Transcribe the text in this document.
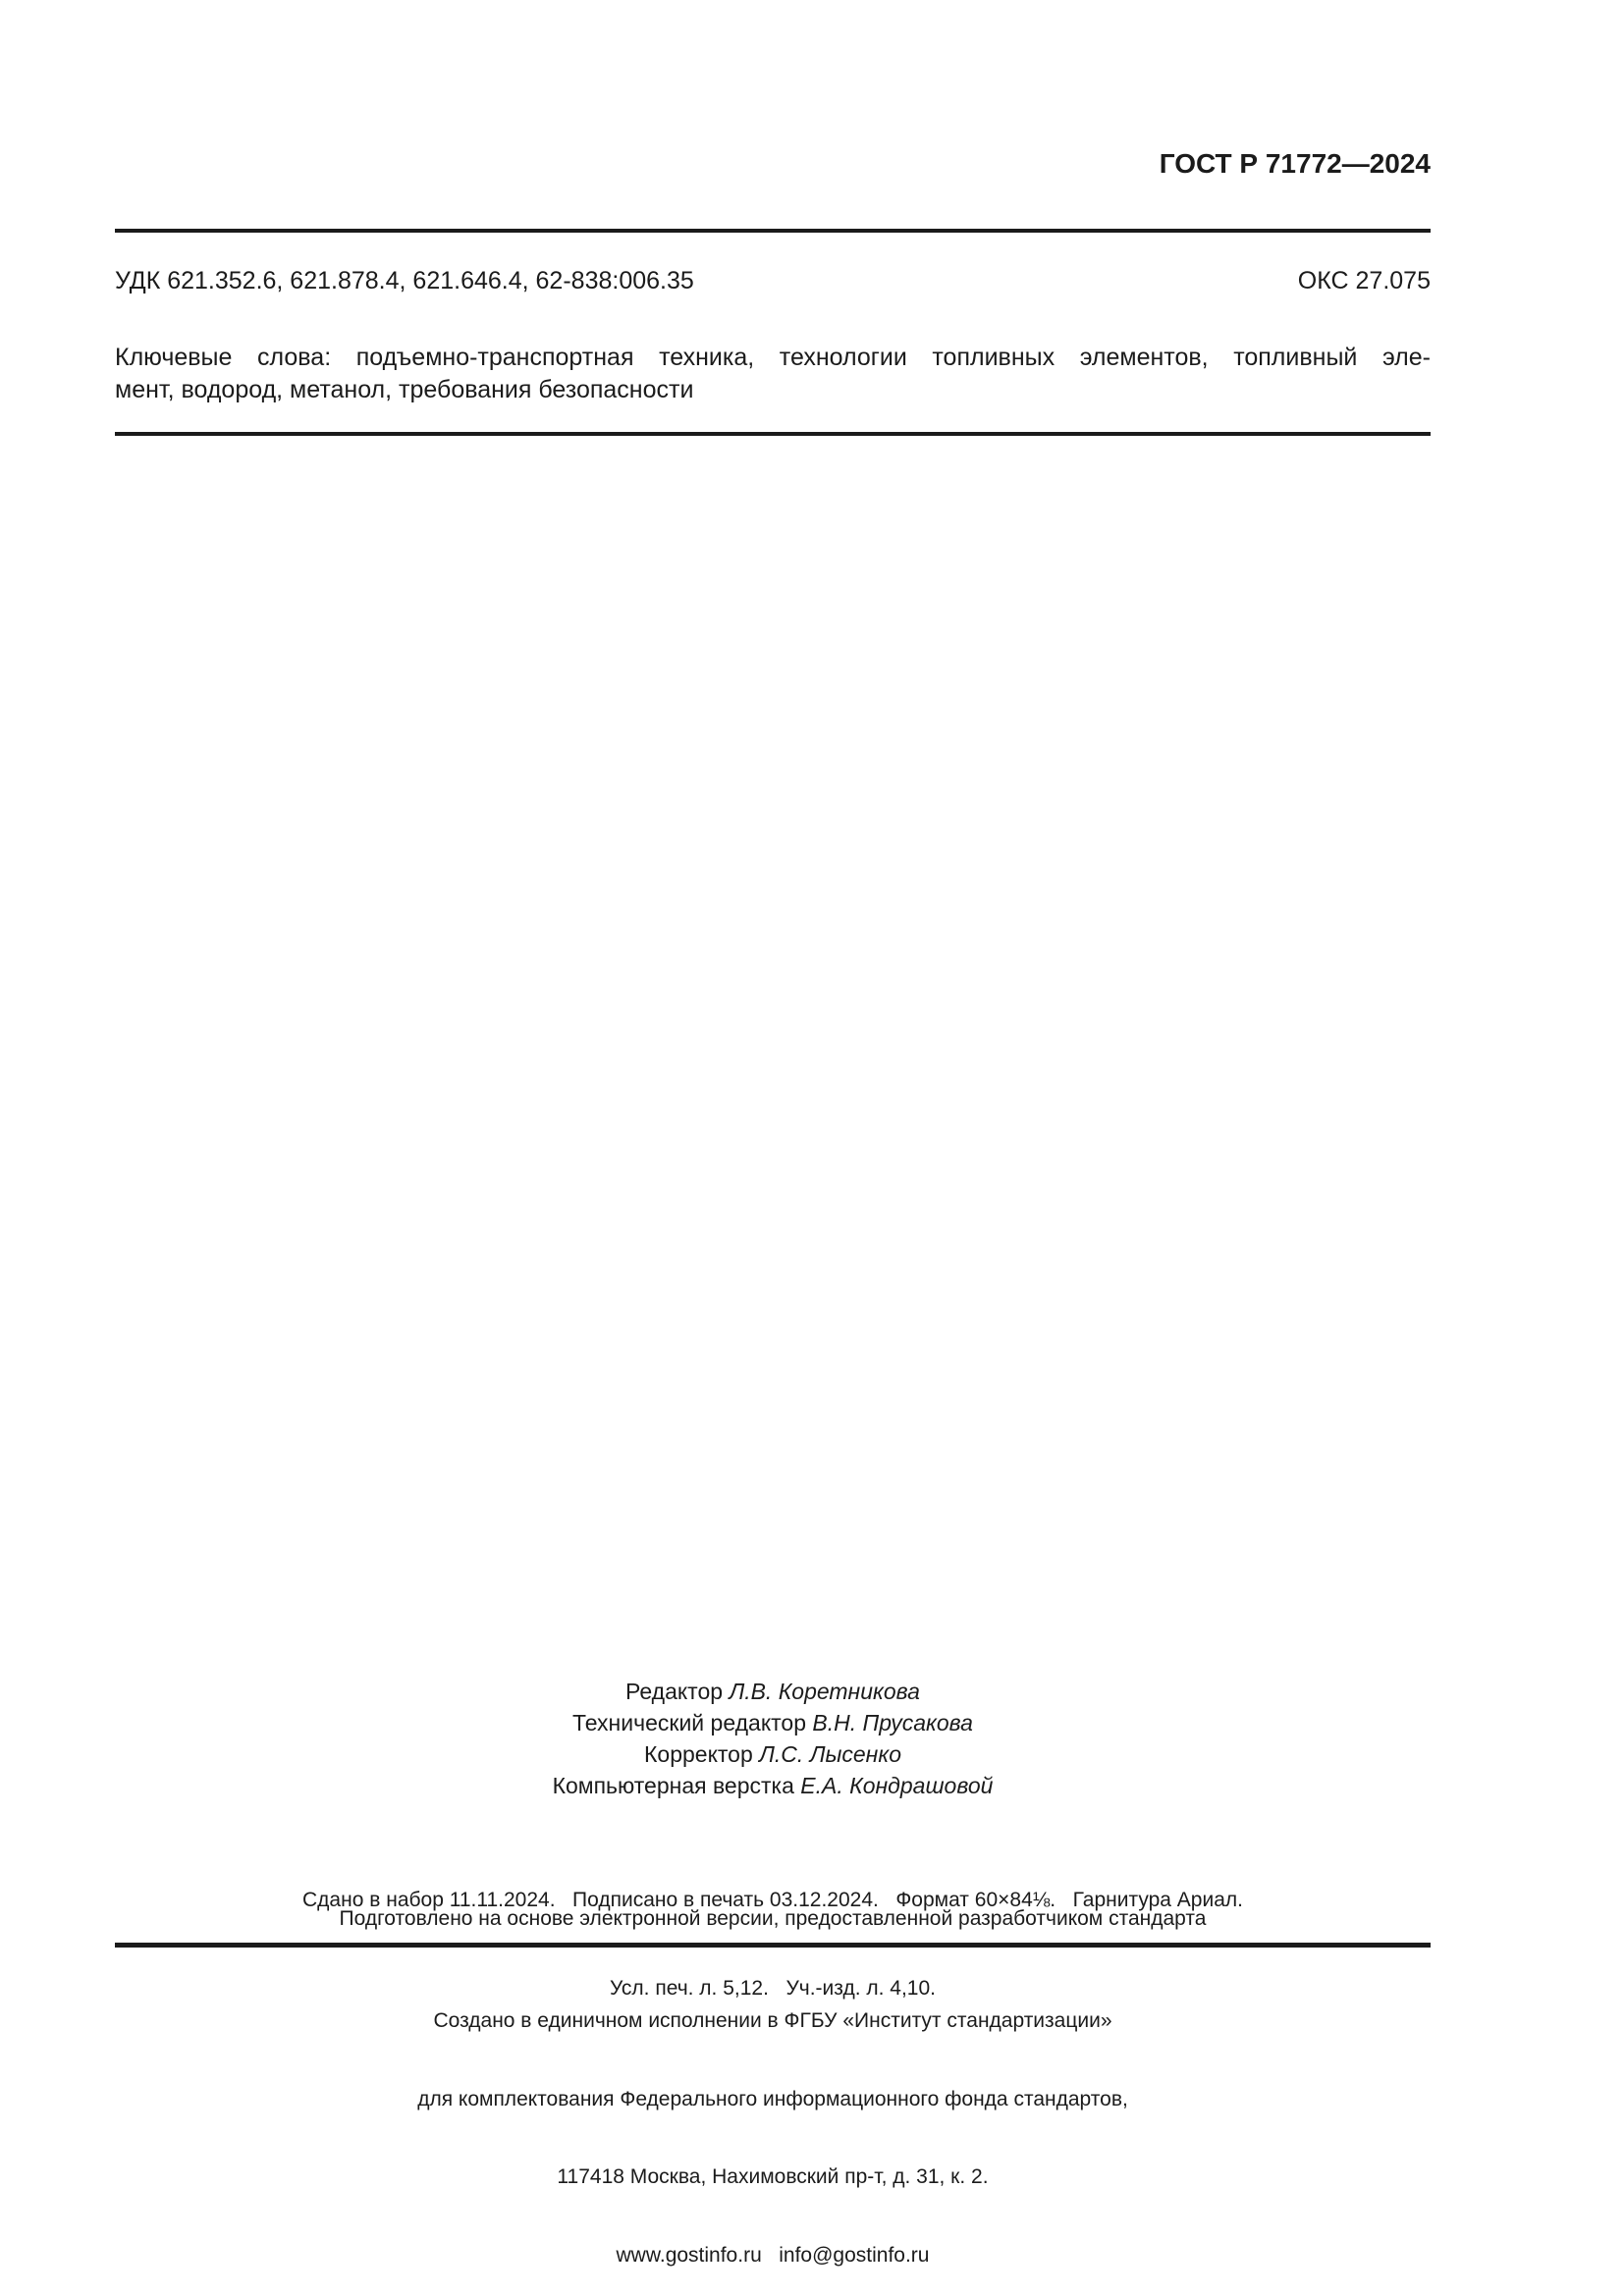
ГОСТ Р 71772—2024
УДК 621.352.6, 621.878.4, 621.646.4, 62-838:006.35	ОКС 27.075
Ключевые слова: подъемно-транспортная техника, технологии топливных элементов, топливный эле-
мент, водород, метанол, требования безопасности
Редактор Л.В. Коретникова
Технический редактор В.Н. Прусакова
Корректор Л.С. Лысенко
Компьютерная верстка Е.А. Кондрашовой

Сдано в набор 11.11.2024.   Подписано в печать 03.12.2024.   Формат 60×84⅛.   Гарнитура Ариал.

Усл. печ. л. 5,12.   Уч.-изд. л. 4,10.

Подготовлено на основе электронной версии, предоставленной разработчиком стандарта

Создано в единичном исполнении в ФГБУ «Институт стандартизации»

для комплектования Федерального информационного фонда стандартов,

117418 Москва, Нахимовский пр-т, д. 31, к. 2.

www.gostinfo.ru   info@gostinfo.ru
